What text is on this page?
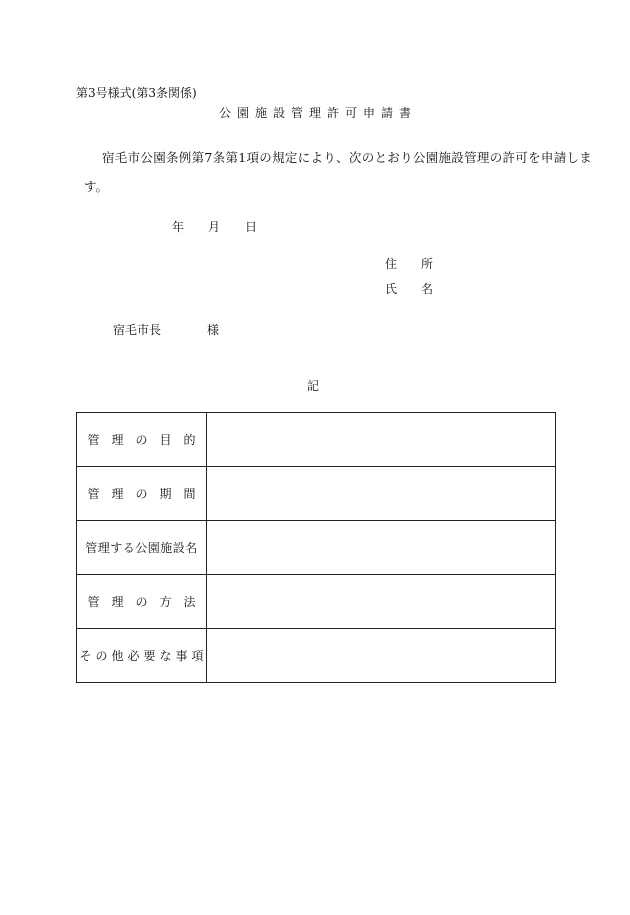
第3号様式(第3条関係)
公園施設管理許可申請書
宿毛市公園条例第7条第1項の規定により、次のとおり公園施設管理の許可を申請しま
す。
年 月 日
住所
氏名
宿毛市長	様
記
管理の目的	
管理の期間	
管理する公園施設名	
管理の方法	
その他必要な事項	
